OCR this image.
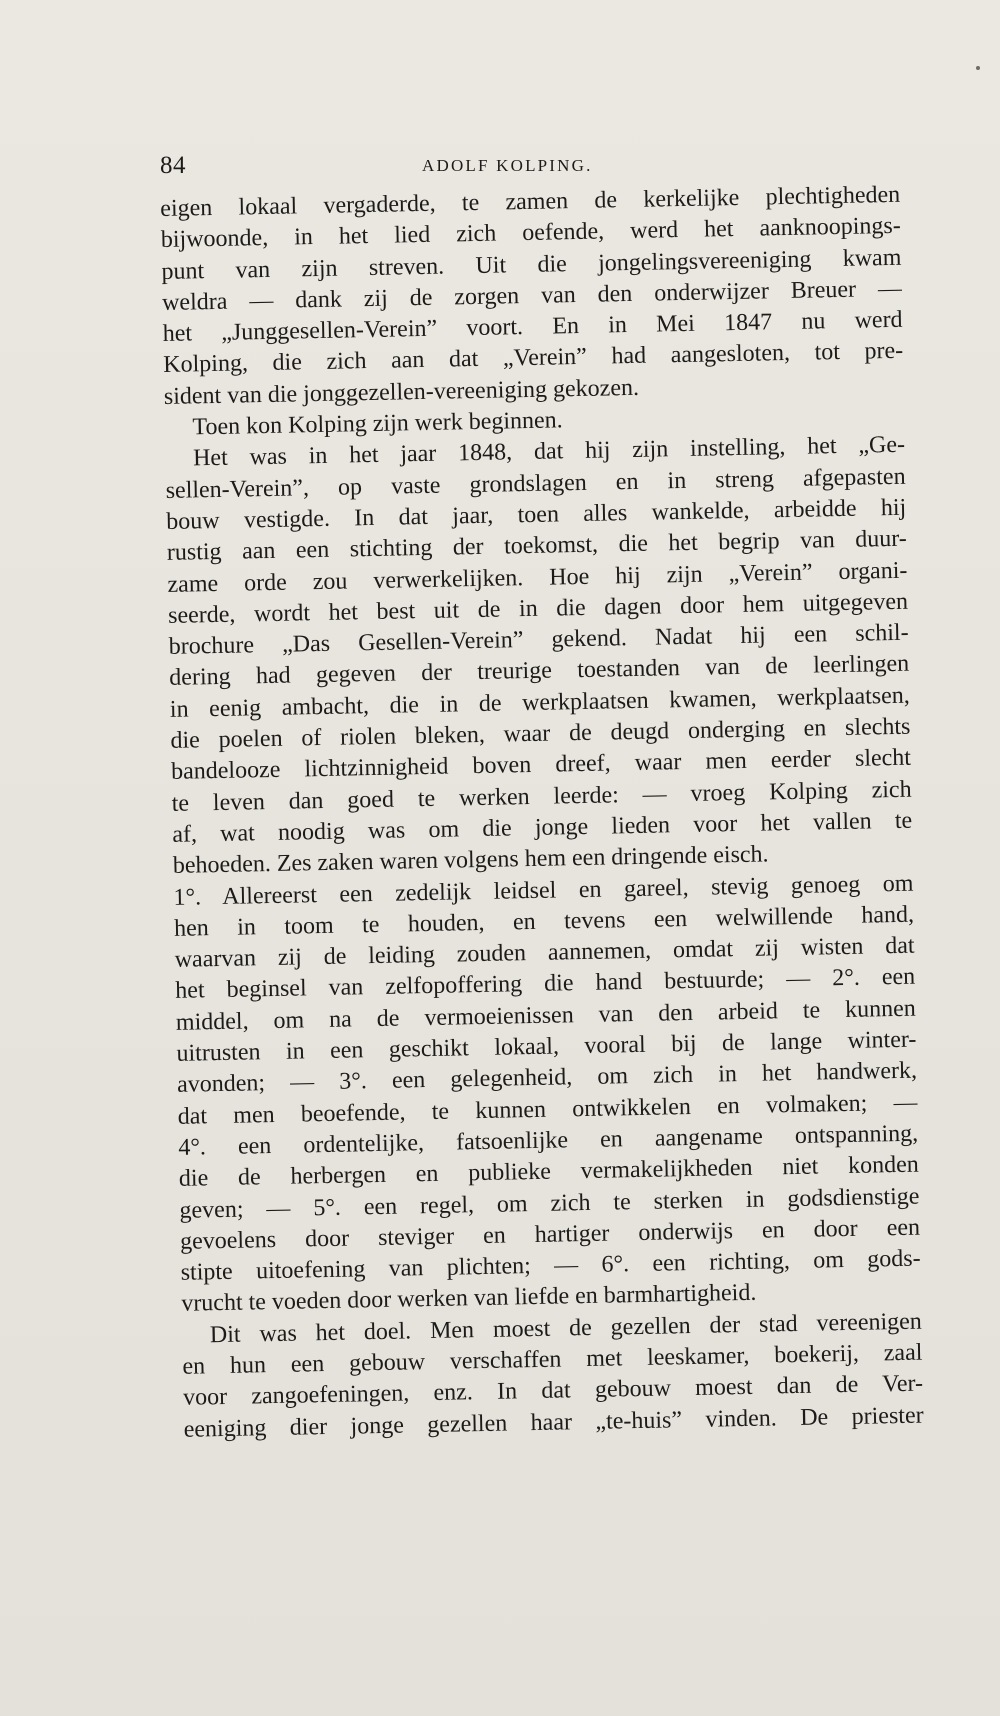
84	ADOLF KOLPING.
eigen lokaal vergaderde, te zamen de kerkelijke plechtigheden
bijwoonde, in het lied zich oefende, werd het aanknoopings-
punt van zijn streven. Uit die jongelingsvereeniging kwam
weldra — dank zij de zorgen van den onderwijzer Breuer —
het „Junggesellen-Verein” voort. En in Mei 1847 nu werd
Kolping, die zich aan dat „Verein” had aangesloten, tot pre-
sident van die jonggezellen-vereeniging gekozen.
Toen kon Kolping zijn werk beginnen.
Het was in het jaar 1848, dat hij zijn instelling, het „Ge-
sellen-Verein”, op vaste grondslagen en in streng afgepasten
bouw vestigde. In dat jaar, toen alles wankelde, arbeidde hij
rustig aan een stichting der toekomst, die het begrip van duur-
zame orde zou verwerkelijken. Hoe hij zijn „Verein” organi-
seerde, wordt het best uit de in die dagen door hem uitgegeven
brochure „Das Gesellen-Verein” gekend. Nadat hij een schil-
dering had gegeven der treurige toestanden van de leerlingen
in eenig ambacht, die in de werkplaatsen kwamen, werkplaatsen,
die poelen of riolen bleken, waar de deugd onderging en slechts
bandelooze lichtzinnigheid boven dreef, waar men eerder slecht
te leven dan goed te werken leerde: — vroeg Kolping zich
af, wat noodig was om die jonge lieden voor het vallen te
behoeden. Zes zaken waren volgens hem een dringende eisch.
1°. Allereerst een zedelijk leidsel en gareel, stevig genoeg om
hen in toom te houden, en tevens een welwillende hand,
waarvan zij de leiding zouden aannemen, omdat zij wisten dat
het beginsel van zelfopoffering die hand bestuurde; — 2°. een
middel, om na de vermoeienissen van den arbeid te kunnen
uitrusten in een geschikt lokaal, vooral bij de lange winter-
avonden; — 3°. een gelegenheid, om zich in het handwerk,
dat men beoefende, te kunnen ontwikkelen en volmaken; —
4°. een ordentelijke, fatsoenlijke en aangename ontspanning,
die de herbergen en publieke vermakelijkheden niet konden
geven; — 5°. een regel, om zich te sterken in godsdienstige
gevoelens door steviger en hartiger onderwijs en door een
stipte uitoefening van plichten; — 6°. een richting, om gods-
vrucht te voeden door werken van liefde en barmhartigheid.
Dit was het doel. Men moest de gezellen der stad vereenigen
en hun een gebouw verschaffen met leeskamer, boekerij, zaal
voor zangoefeningen, enz. In dat gebouw moest dan de Ver-
eeniging dier jonge gezellen haar „te-huis” vinden. De priester
